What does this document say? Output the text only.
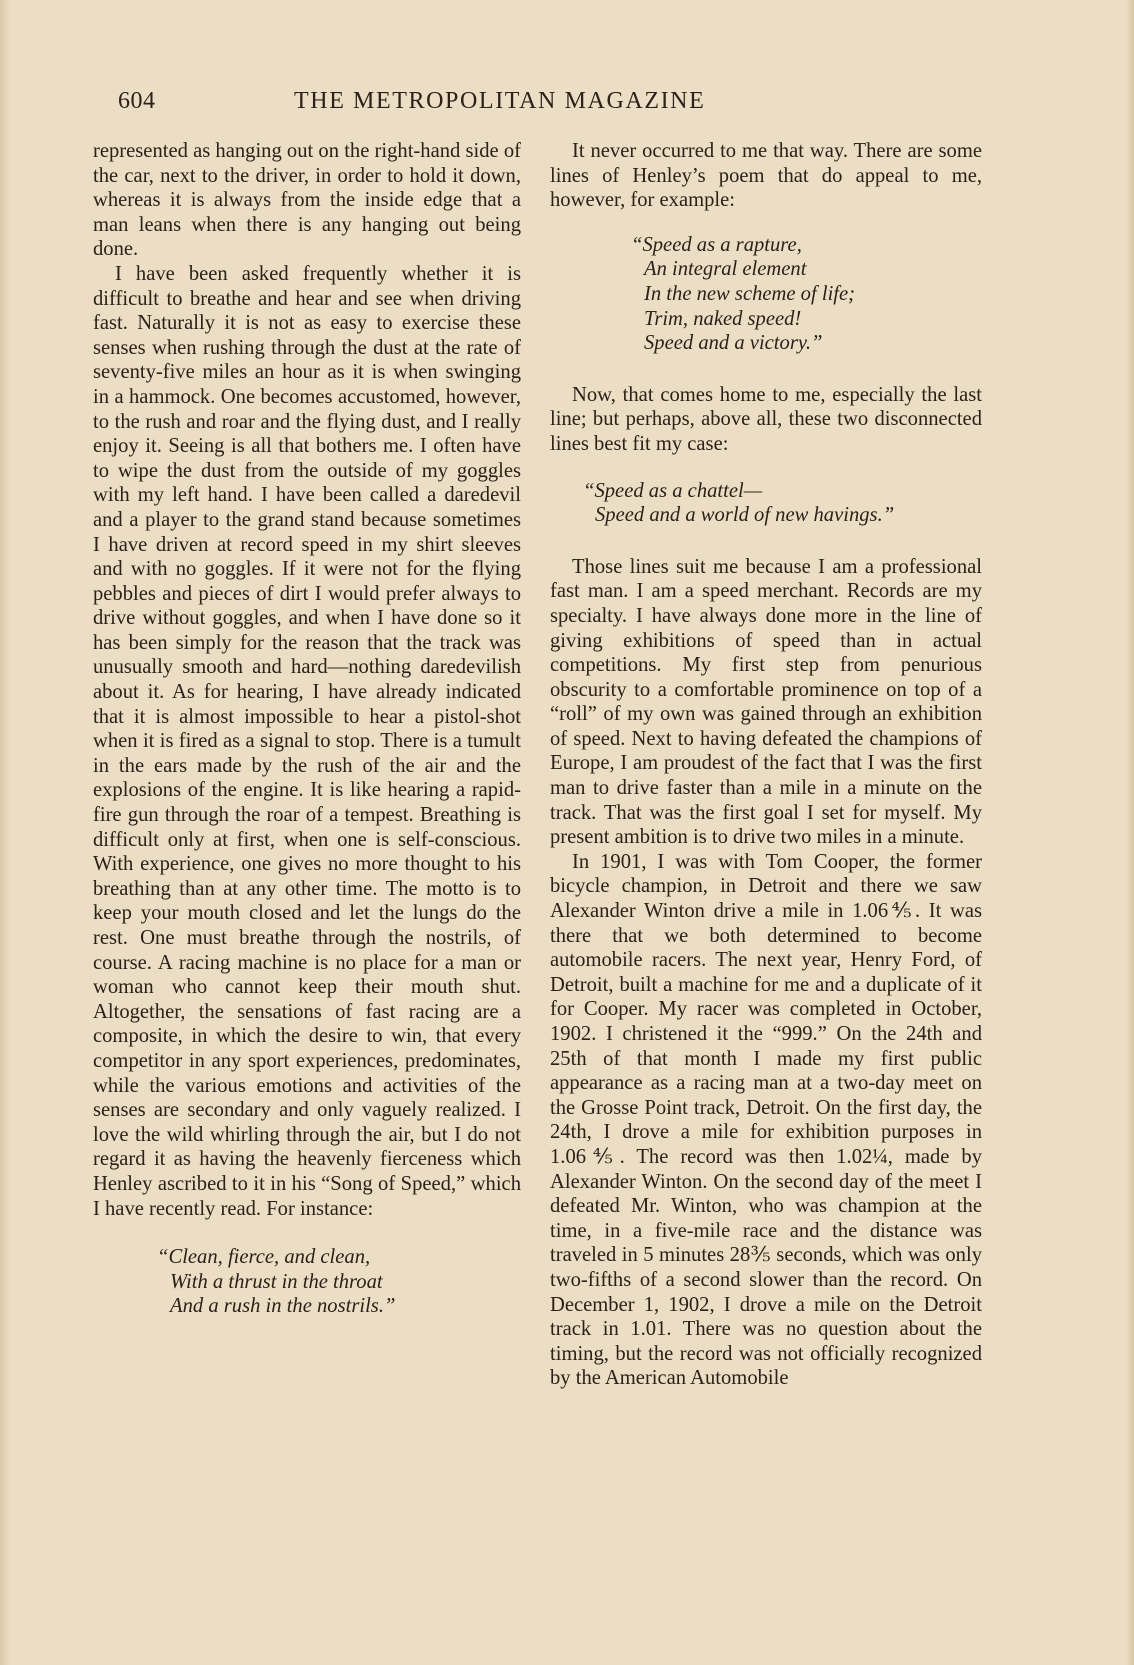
604	THE METROPOLITAN MAGAZINE

represented as hanging out on the right-hand side of the car, next to the driver, in order to hold it down, whereas it is always from the inside edge that a man leans when there is any hanging out being done.

I have been asked frequently whether it is difficult to breathe and hear and see when driving fast. Naturally it is not as easy to exercise these senses when rushing through the dust at the rate of seventy-five miles an hour as it is when swinging in a hammock. One becomes accustomed, however, to the rush and roar and the flying dust, and I really enjoy it. Seeing is all that bothers me. I often have to wipe the dust from the outside of my goggles with my left hand. I have been called a daredevil and a player to the grand stand because sometimes I have driven at record speed in my shirt sleeves and with no goggles. If it were not for the flying pebbles and pieces of dirt I would prefer always to drive without goggles, and when I have done so it has been simply for the reason that the track was unusually smooth and hard—nothing daredevilish about it. As for hearing, I have already indicated that it is almost impossible to hear a pistol-shot when it is fired as a signal to stop. There is a tumult in the ears made by the rush of the air and the explosions of the engine. It is like hearing a rapid-fire gun through the roar of a tempest. Breathing is difficult only at first, when one is self-conscious. With experience, one gives no more thought to his breathing than at any other time. The motto is to keep your mouth closed and let the lungs do the rest. One must breathe through the nostrils, of course. A racing machine is no place for a man or woman who cannot keep their mouth shut. Altogether, the sensations of fast racing are a composite, in which the desire to win, that every competitor in any sport experiences, predominates, while the various emotions and activities of the senses are secondary and only vaguely realized. I love the wild whirling through the air, but I do not regard it as having the heavenly fierceness which Henley ascribed to it in his “Song of Speed,” which I have recently read. For instance:

“Clean, fierce, and clean,
With a thrust in the throat
And a rush in the nostrils.”

It never occurred to me that way. There are some lines of Henley’s poem that do appeal to me, however, for example:

“Speed as a rapture,
An integral element
In the new scheme of life;
Trim, naked speed!
Speed and a victory.”

Now, that comes home to me, especially the last line; but perhaps, above all, these two disconnected lines best fit my case:

“Speed as a chattel—
Speed and a world of new havings.”

Those lines suit me because I am a professional fast man. I am a speed merchant. Records are my specialty. I have always done more in the line of giving exhibitions of speed than in actual competitions. My first step from penurious obscurity to a comfortable prominence on top of a “roll” of my own was gained through an exhibition of speed. Next to having defeated the champions of Europe, I am proudest of the fact that I was the first man to drive faster than a mile in a minute on the track. That was the first goal I set for myself. My present ambition is to drive two miles in a minute.

In 1901, I was with Tom Cooper, the former bicycle champion, in Detroit and there we saw Alexander Winton drive a mile in 1.06⅘. It was there that we both determined to become automobile racers. The next year, Henry Ford, of Detroit, built a machine for me and a duplicate of it for Cooper. My racer was completed in October, 1902. I christened it the “999.” On the 24th and 25th of that month I made my first public appearance as a racing man at a two-day meet on the Grosse Point track, Detroit. On the first day, the 24th, I drove a mile for exhibition purposes in 1.06⅘. The record was then 1.02¼, made by Alexander Winton. On the second day of the meet I defeated Mr. Winton, who was champion at the time, in a five-mile race and the distance was traveled in 5 minutes 28⅗ seconds, which was only two-fifths of a second slower than the record. On December 1, 1902, I drove a mile on the Detroit track in 1.01. There was no question about the timing, but the record was not officially recognized by the American Automobile
